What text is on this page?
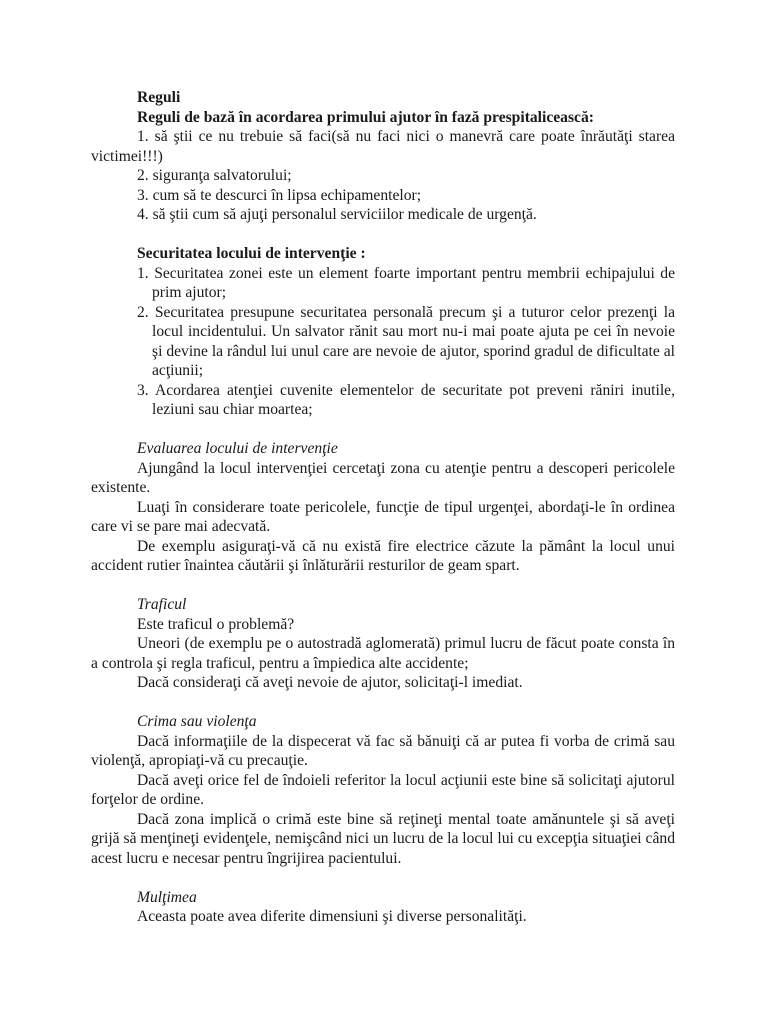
Reguli

Reguli de bază în acordarea primului ajutor în fază prespitalicească:

1. să ştii ce nu trebuie să faci(să nu faci nici o manevră care poate înrăutăţi starea victimei!!!)

2. siguranţa salvatorului;

3. cum să te descurci în lipsa echipamentelor;

4. să ştii cum să ajuţi personalul serviciilor medicale de urgenţă.

Securitatea locului de intervenţie :

1. Securitatea zonei este un element foarte important pentru membrii echipajului de prim ajutor;

2. Securitatea presupune securitatea personală precum şi a tuturor celor prezenţi la locul incidentului. Un salvator rănit sau mort nu-i mai poate ajuta pe cei în nevoie şi devine la rândul lui unul care are nevoie de ajutor, sporind gradul de dificultate al acţiunii;

3. Acordarea atenţiei cuvenite elementelor de securitate pot preveni răniri inutile, leziuni sau chiar moartea;

Evaluarea locului de intervenţie

Ajungând la locul intervenţiei cercetaţi zona cu atenţie pentru a descoperi pericolele existente.

Luaţi în considerare toate pericolele, funcţie de tipul urgenţei, abordaţi-le în ordinea care vi se pare mai adecvată.

De exemplu asiguraţi-vă că nu există fire electrice căzute la pământ la locul unui accident rutier înaintea căutării şi înlăturării resturilor de geam spart.

Traficul

Este traficul o problemă?

Uneori (de exemplu pe o autostradă aglomerată) primul lucru de făcut poate consta în a controla şi regla traficul, pentru a împiedica alte accidente;

Dacă consideraţi că aveţi nevoie de ajutor, solicitaţi-l imediat.

Crima sau violenţa

Dacă informaţiile de la dispecerat vă fac să bănuiţi că ar putea fi vorba de crimă sau violenţă, apropiaţi-vă cu precauţie.

Dacă aveţi orice fel de îndoieli referitor la locul acţiunii este bine să solicitaţi ajutorul forţelor de ordine.

Dacă zona implică o crimă este bine să reţineţi mental toate amănuntele şi să aveţi grijă să menţineţi evidenţele, nemişcând nici un lucru de la locul lui cu excepţia situaţiei când acest lucru e necesar pentru îngrijirea pacientului.

Mulţimea

Aceasta poate avea diferite dimensiuni şi diverse personalităţi.
